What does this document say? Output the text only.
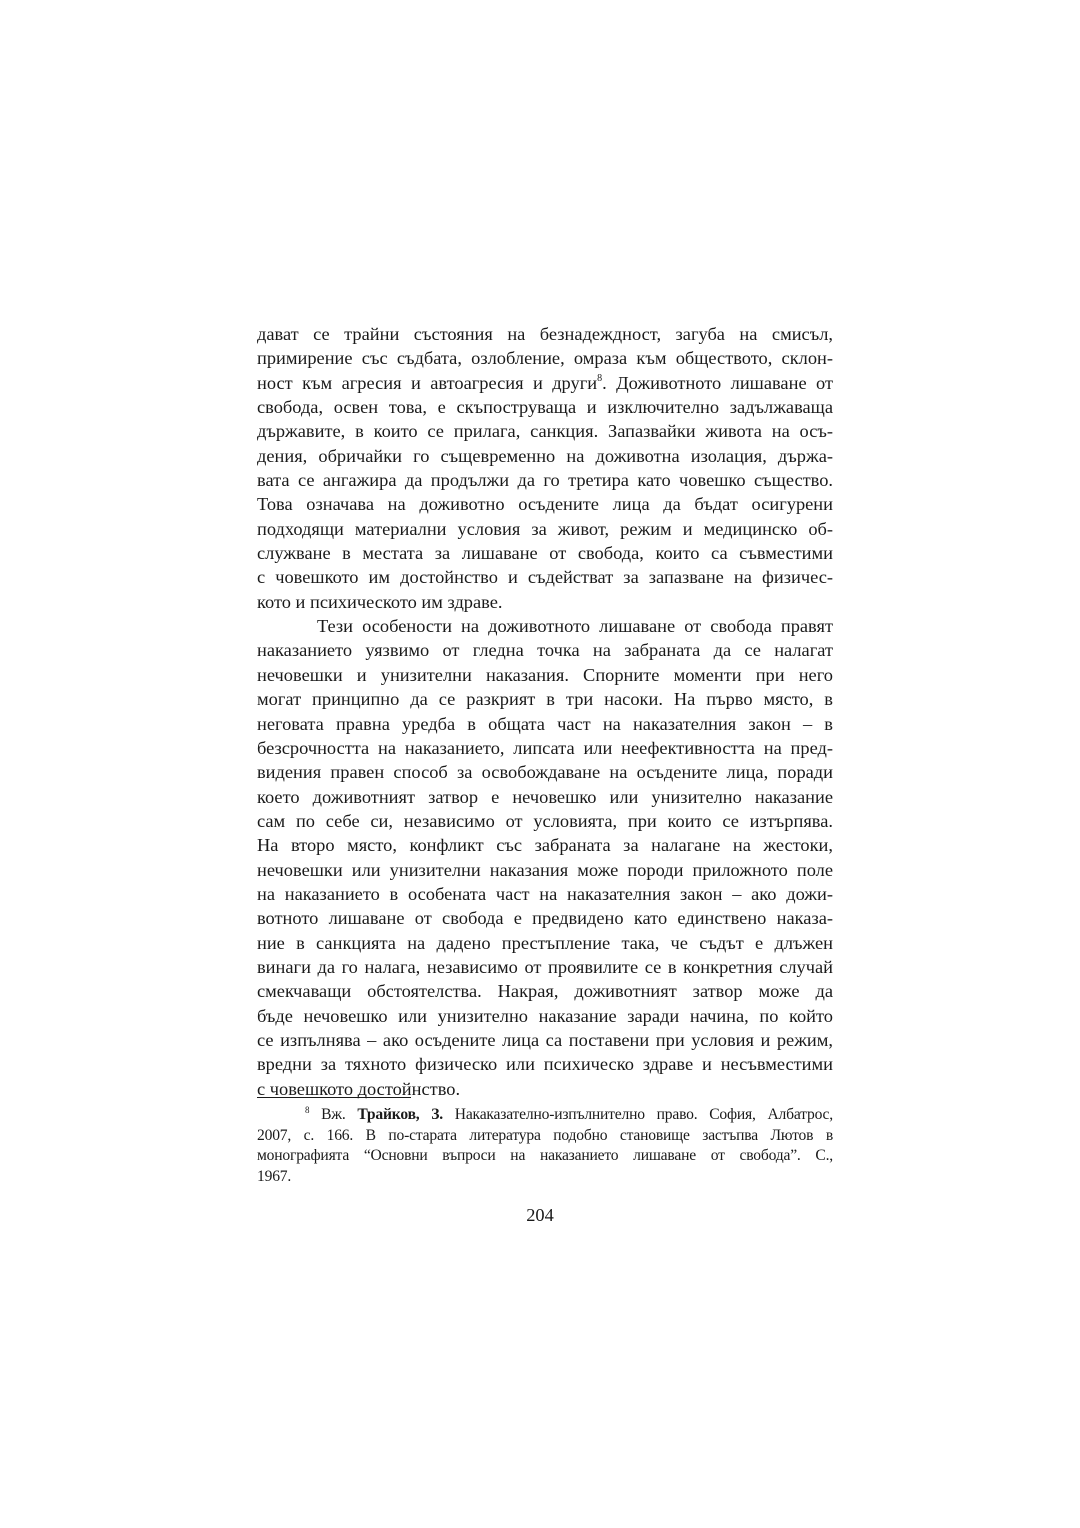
дават се трайни състояния на безнадеждност, загуба на смисъл,
примирение със съдбата, озлобление, омраза към обществото, склон-
ност към агресия и автоагресия и други$^8$. Доживотното лишаване от
свобода, освен това, е скъпоструваща и изключително задължаваща
държавите, в които се прилага, санкция. Запазвайки живота на осъ-
дения, обричайки го същевременно на доживотна изолация, държа-
вата се ангажира да продължи да го третира като човешко същество.
Това означава на доживотно осъдените лица да бъдат осигурени
подходящи материални условия за живот, режим и медицинско об-
служване в местата за лишаване от свобода, които са съвместими
с човешкото им достойнство и съдействат за запазване на физичес-
кото и психическото им здраве.
Тези особености на доживотното лишаване от свобода правят
наказанието уязвимо от гледна точка на забраната да се налагат
нечовешки и унизителни наказания. Спорните моменти при него
могат принципно да се разкрият в три насоки. На първо място, в
неговата правна уредба в общата част на наказателния закон – в
безсрочността на наказанието, липсата или неефективността на пред-
видения правен способ за освобождаване на осъдените лица, поради
което доживотният затвор е нечовешко или унизително наказание
сам по себе си, независимо от условията, при които се изтърпява.
На второ място, конфликт със забраната за налагане на жестоки,
нечовешки или унизителни наказания може породи приложното поле
на наказанието в особената част на наказателния закон – ако дожи-
вотното лишаване от свобода е предвидено като единствено наказа-
ние в санкцията на дадено престъпление така, че съдът е длъжен
винаги да го налага, независимо от проявилите се в конкретния случай
смекчаващи обстоятелства. Накрая, доживотният затвор може да
бъде нечовешко или унизително наказание заради начина, по който
се изпълнява – ако осъдените лица са поставени при условия и режим,
вредни за тяхното физическо или психическо здраве и несъвместими
с човешкото достойнство.
$^8$ Вж. Трайков, З. Накаказателно-изпълнително право. София, Албатрос,
2007, с. 166. В по-старата литература подобно становище застъпва Лютов в
монографията “Основни въпроси на наказанието лишаване от свобода”. С.,
1967.
204
